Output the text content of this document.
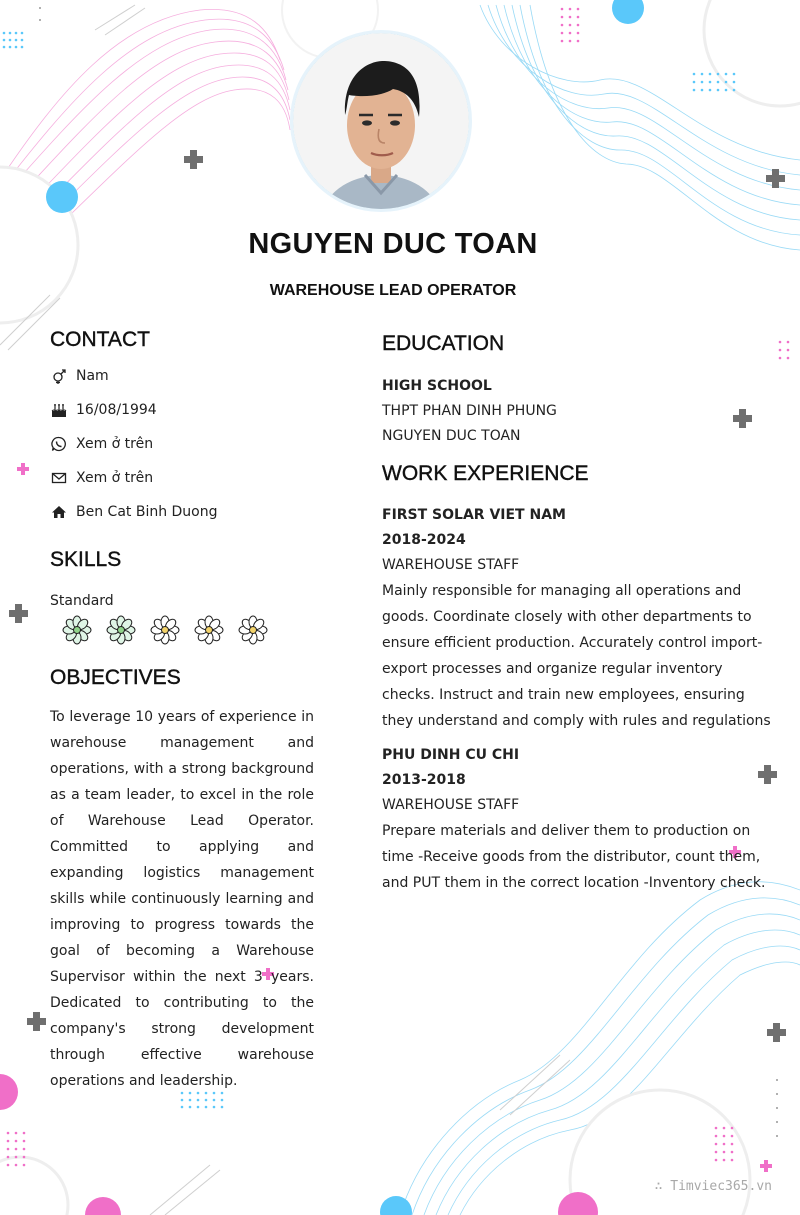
NGUYEN DUC TOAN
WAREHOUSE LEAD OPERATOR
CONTACT
Nam
16/08/1994
Xem ở trên
Xem ở trên
Ben Cat Binh Duong
SKILLS
Standard
OBJECTIVES
To leverage 10 years of experience in warehouse management and operations, with a strong background as a team leader, to excel in the role of Warehouse Lead Operator. Committed to applying and expanding logistics management skills while continuously learning and improving to progress towards the goal of becoming a Warehouse Supervisor within the next 3 years. Dedicated to contributing to the company's strong development through effective warehouse operations and leadership.
EDUCATION
HIGH SCHOOL
THPT PHAN DINH PHUNG
NGUYEN DUC TOAN
WORK EXPERIENCE
FIRST SOLAR VIET NAM
2018-2024
WAREHOUSE STAFF

Mainly responsible for managing all operations and goods. Coordinate closely with other departments to ensure efficient production. Accurately control import-export processes and organize regular inventory checks. Instruct and train new employees, ensuring they understand and comply with rules and regulations

PHU DINH CU CHI
2013-2018
WAREHOUSE STAFF

Prepare materials and deliver them to production on time -Receive goods from the distributor, count them, and PUT them in the correct location -Inventory check.

∴ Timviec365.vn
